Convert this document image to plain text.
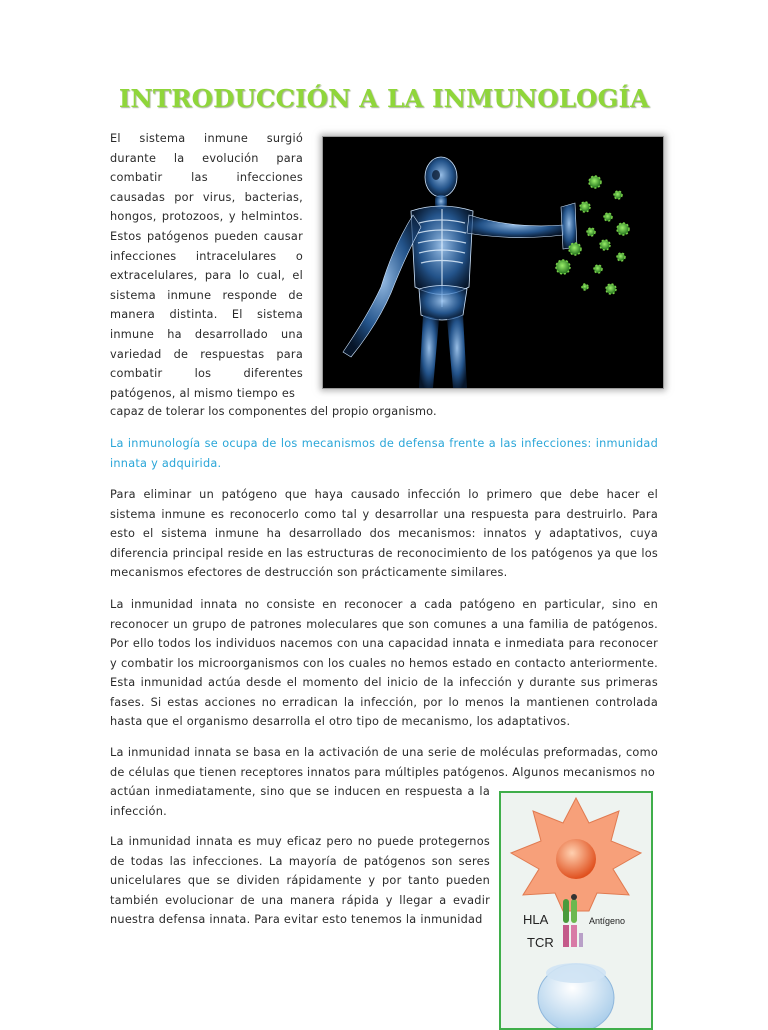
INTRODUCCIÓN A LA INMUNOLOGÍA

El sistema inmune surgió durante la evolución para combatir las infecciones causadas por virus, bacterias, hongos, protozoos, y helmintos. Estos patógenos pueden causar infecciones intracelulares o extracelulares, para lo cual, el sistema inmune responde de manera distinta. El sistema inmune ha desarrollado una variedad de respuestas para combatir los diferentes patógenos, al mismo tiempo es

capaz de tolerar los componentes del propio organismo.

La inmunología se ocupa de los mecanismos de defensa frente a las infecciones: inmunidad innata y adquirida.

Para eliminar un patógeno que haya causado infección lo primero que debe hacer el sistema inmune es reconocerlo como tal y desarrollar una respuesta para destruirlo. Para esto el sistema inmune ha desarrollado dos mecanismos: innatos y adaptativos, cuya diferencia principal reside en las estructuras de reconocimiento de los patógenos ya que los mecanismos efectores de destrucción son prácticamente similares.

La inmunidad innata no consiste en reconocer a cada patógeno en particular, sino en reconocer un grupo de patrones moleculares que son comunes a una familia de patógenos. Por ello todos los individuos nacemos con una capacidad innata e inmediata para reconocer y combatir los microorganismos con los cuales no hemos estado en contacto anteriormente. Esta inmunidad actúa desde el momento del inicio de la infección y durante sus primeras fases. Si estas acciones no erradican la infección, por lo menos la mantienen controlada hasta que el organismo desarrolla el otro tipo de mecanismo, los adaptativos.

La inmunidad innata se basa en la activación de una serie de moléculas preformadas, como de células que tienen receptores innatos para múltiples patógenos. Algunos mecanismos no

actúan inmediatamente, sino que se inducen en respuesta a la infección.

La inmunidad innata es muy eficaz pero no puede protegernos de todas las infecciones. La mayoría de patógenos son seres unicelulares que se dividen rápidamente y por tanto pueden también evolucionar de una manera rápida y llegar a evadir nuestra defensa innata. Para evitar esto tenemos la inmunidad	HLA
TCR
Antígeno
